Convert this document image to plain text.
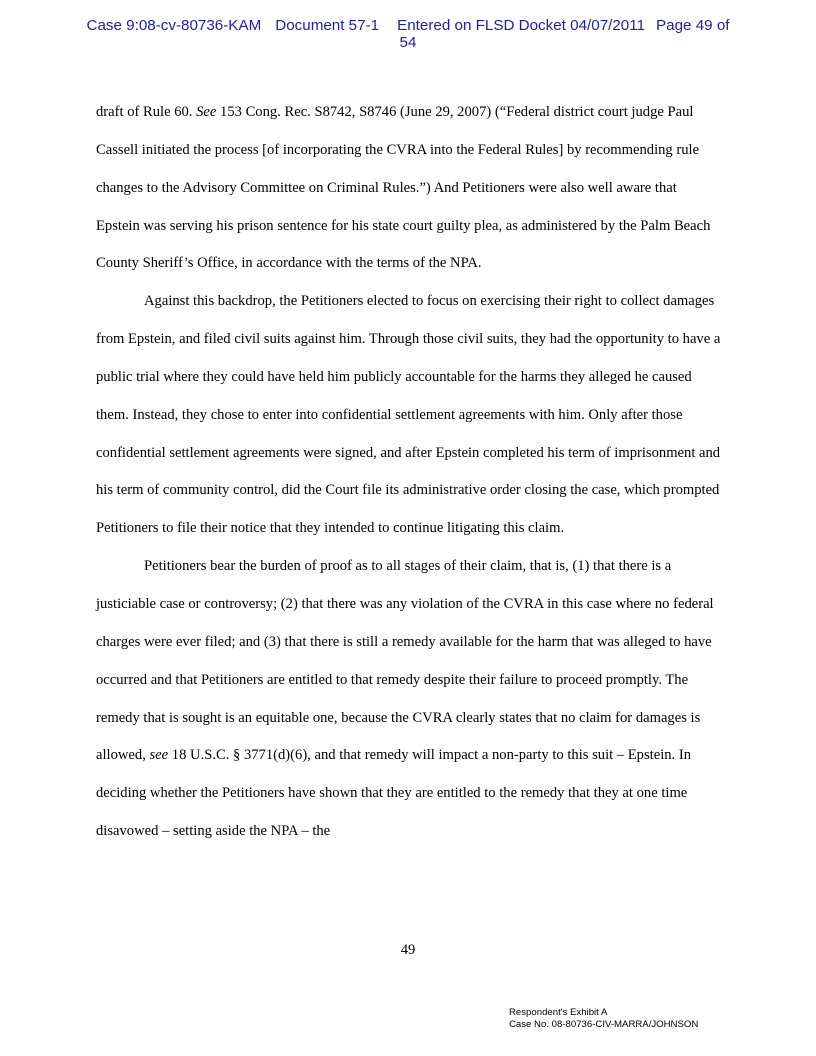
Case 9:08-cv-80736-KAM Document 57-1 Entered on FLSD Docket 04/07/2011 Page 49 of
54

draft of Rule 60. See 153 Cong. Rec. S8742, S8746 (June 29, 2007) (“Federal district court judge Paul Cassell initiated the process [of incorporating the CVRA into the Federal Rules] by recommending rule changes to the Advisory Committee on Criminal Rules.”) And Petitioners were also well aware that Epstein was serving his prison sentence for his state court guilty plea, as administered by the Palm Beach County Sheriff’s Office, in accordance with the terms of the NPA.

Against this backdrop, the Petitioners elected to focus on exercising their right to collect damages from Epstein, and filed civil suits against him. Through those civil suits, they had the opportunity to have a public trial where they could have held him publicly accountable for the harms they alleged he caused them. Instead, they chose to enter into confidential settlement agreements with him. Only after those confidential settlement agreements were signed, and after Epstein completed his term of imprisonment and his term of community control, did the Court file its administrative order closing the case, which prompted Petitioners to file their notice that they intended to continue litigating this claim.

Petitioners bear the burden of proof as to all stages of their claim, that is, (1) that there is a justiciable case or controversy; (2) that there was any violation of the CVRA in this case where no federal charges were ever filed; and (3) that there is still a remedy available for the harm that was alleged to have occurred and that Petitioners are entitled to that remedy despite their failure to proceed promptly. The remedy that is sought is an equitable one, because the CVRA clearly states that no claim for damages is allowed, see 18 U.S.C. § 3771(d)(6), and that remedy will impact a non-party to this suit – Epstein. In deciding whether the Petitioners have shown that they are entitled to the remedy that they at one time disavowed – setting aside the NPA – the

49
Respondent's Exhibit A
Case No. 08-80736-CIV-MARRA/JOHNSON
